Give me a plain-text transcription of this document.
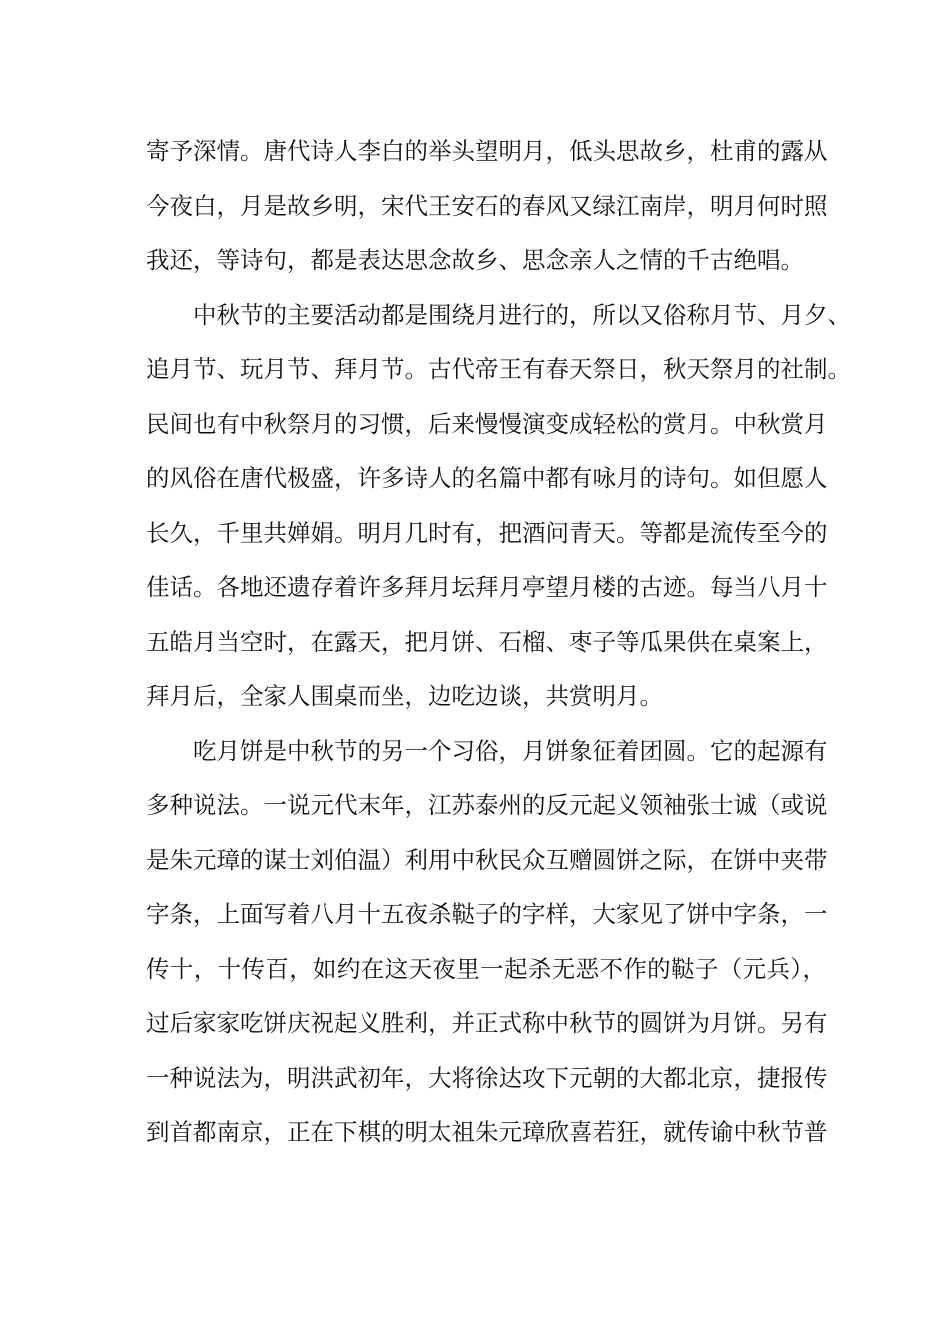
寄予深情。唐代诗人李白的举头望明月，低头思故乡，杜甫的露从
今夜白，月是故乡明，宋代王安石的春风又绿江南岸，明月何时照
我还，等诗句，都是表达思念故乡、思念亲人之情的千古绝唱。
中秋节的主要活动都是围绕月进行的，所以又俗称月节、月夕、
追月节、玩月节、拜月节。古代帝王有春天祭日，秋天祭月的社制。
民间也有中秋祭月的习惯，后来慢慢演变成轻松的赏月。中秋赏月
的风俗在唐代极盛，许多诗人的名篇中都有咏月的诗句。如但愿人
长久，千里共婵娟。明月几时有，把酒问青天。等都是流传至今的
佳话。各地还遗存着许多拜月坛拜月亭望月楼的古迹。每当八月十
五皓月当空时，在露天，把月饼、石榴、枣子等瓜果供在桌案上，
拜月后，全家人围桌而坐，边吃边谈，共赏明月。
吃月饼是中秋节的另一个习俗，月饼象征着团圆。它的起源有
多种说法。一说元代末年，江苏泰州的反元起义领袖张士诚（或说
是朱元璋的谋士刘伯温）利用中秋民众互赠圆饼之际，在饼中夹带
字条，上面写着八月十五夜杀鞑子的字样，大家见了饼中字条，一
传十，十传百，如约在这天夜里一起杀无恶不作的鞑子（元兵），
过后家家吃饼庆祝起义胜利，并正式称中秋节的圆饼为月饼。另有
一种说法为，明洪武初年，大将徐达攻下元朝的大都北京，捷报传
到首都南京，正在下棋的明太祖朱元璋欣喜若狂，就传谕中秋节普
